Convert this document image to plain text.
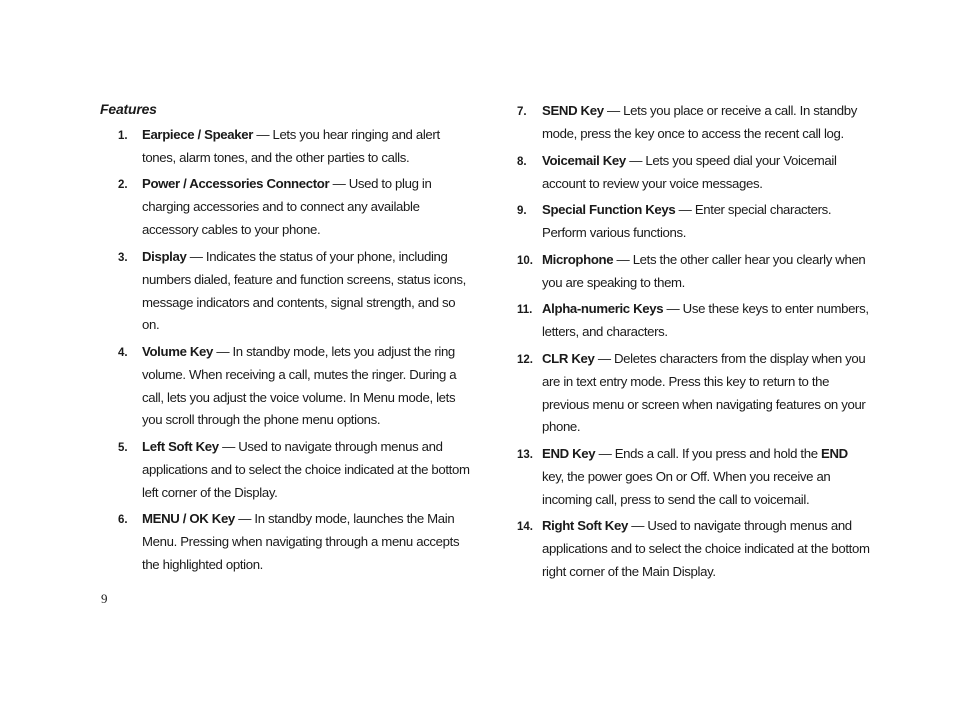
Features
1. Earpiece / Speaker — Lets you hear ringing and alert tones, alarm tones, and the other parties to calls.
2. Power / Accessories Connector — Used to plug in charging accessories and to connect any available accessory cables to your phone.
3. Display — Indicates the status of your phone, including numbers dialed, feature and function screens, status icons, message indicators and contents, signal strength, and so on.
4. Volume Key — In standby mode, lets you adjust the ring volume. When receiving a call, mutes the ringer. During a call, lets you adjust the voice volume. In Menu mode, lets you scroll through the phone menu options.
5. Left Soft Key — Used to navigate through menus and applications and to select the choice indicated at the bottom left corner of the Display.
6. MENU / OK Key — In standby mode, launches the Main Menu. Pressing when navigating through a menu accepts the highlighted option.
7. SEND Key — Lets you place or receive a call. In standby mode, press the key once to access the recent call log.
8. Voicemail Key — Lets you speed dial your Voicemail account to review your voice messages.
9. Special Function Keys — Enter special characters. Perform various functions.
10. Microphone — Lets the other caller hear you clearly when you are speaking to them.
11. Alpha-numeric Keys — Use these keys to enter numbers, letters, and characters.
12. CLR Key — Deletes characters from the display when you are in text entry mode. Press this key to return to the previous menu or screen when navigating features on your phone.
13. END Key — Ends a call. If you press and hold the END key, the power goes On or Off. When you receive an incoming call, press to send the call to voicemail.
14. Right Soft Key — Used to navigate through menus and applications and to select the choice indicated at the bottom right corner of the Main Display.
9
